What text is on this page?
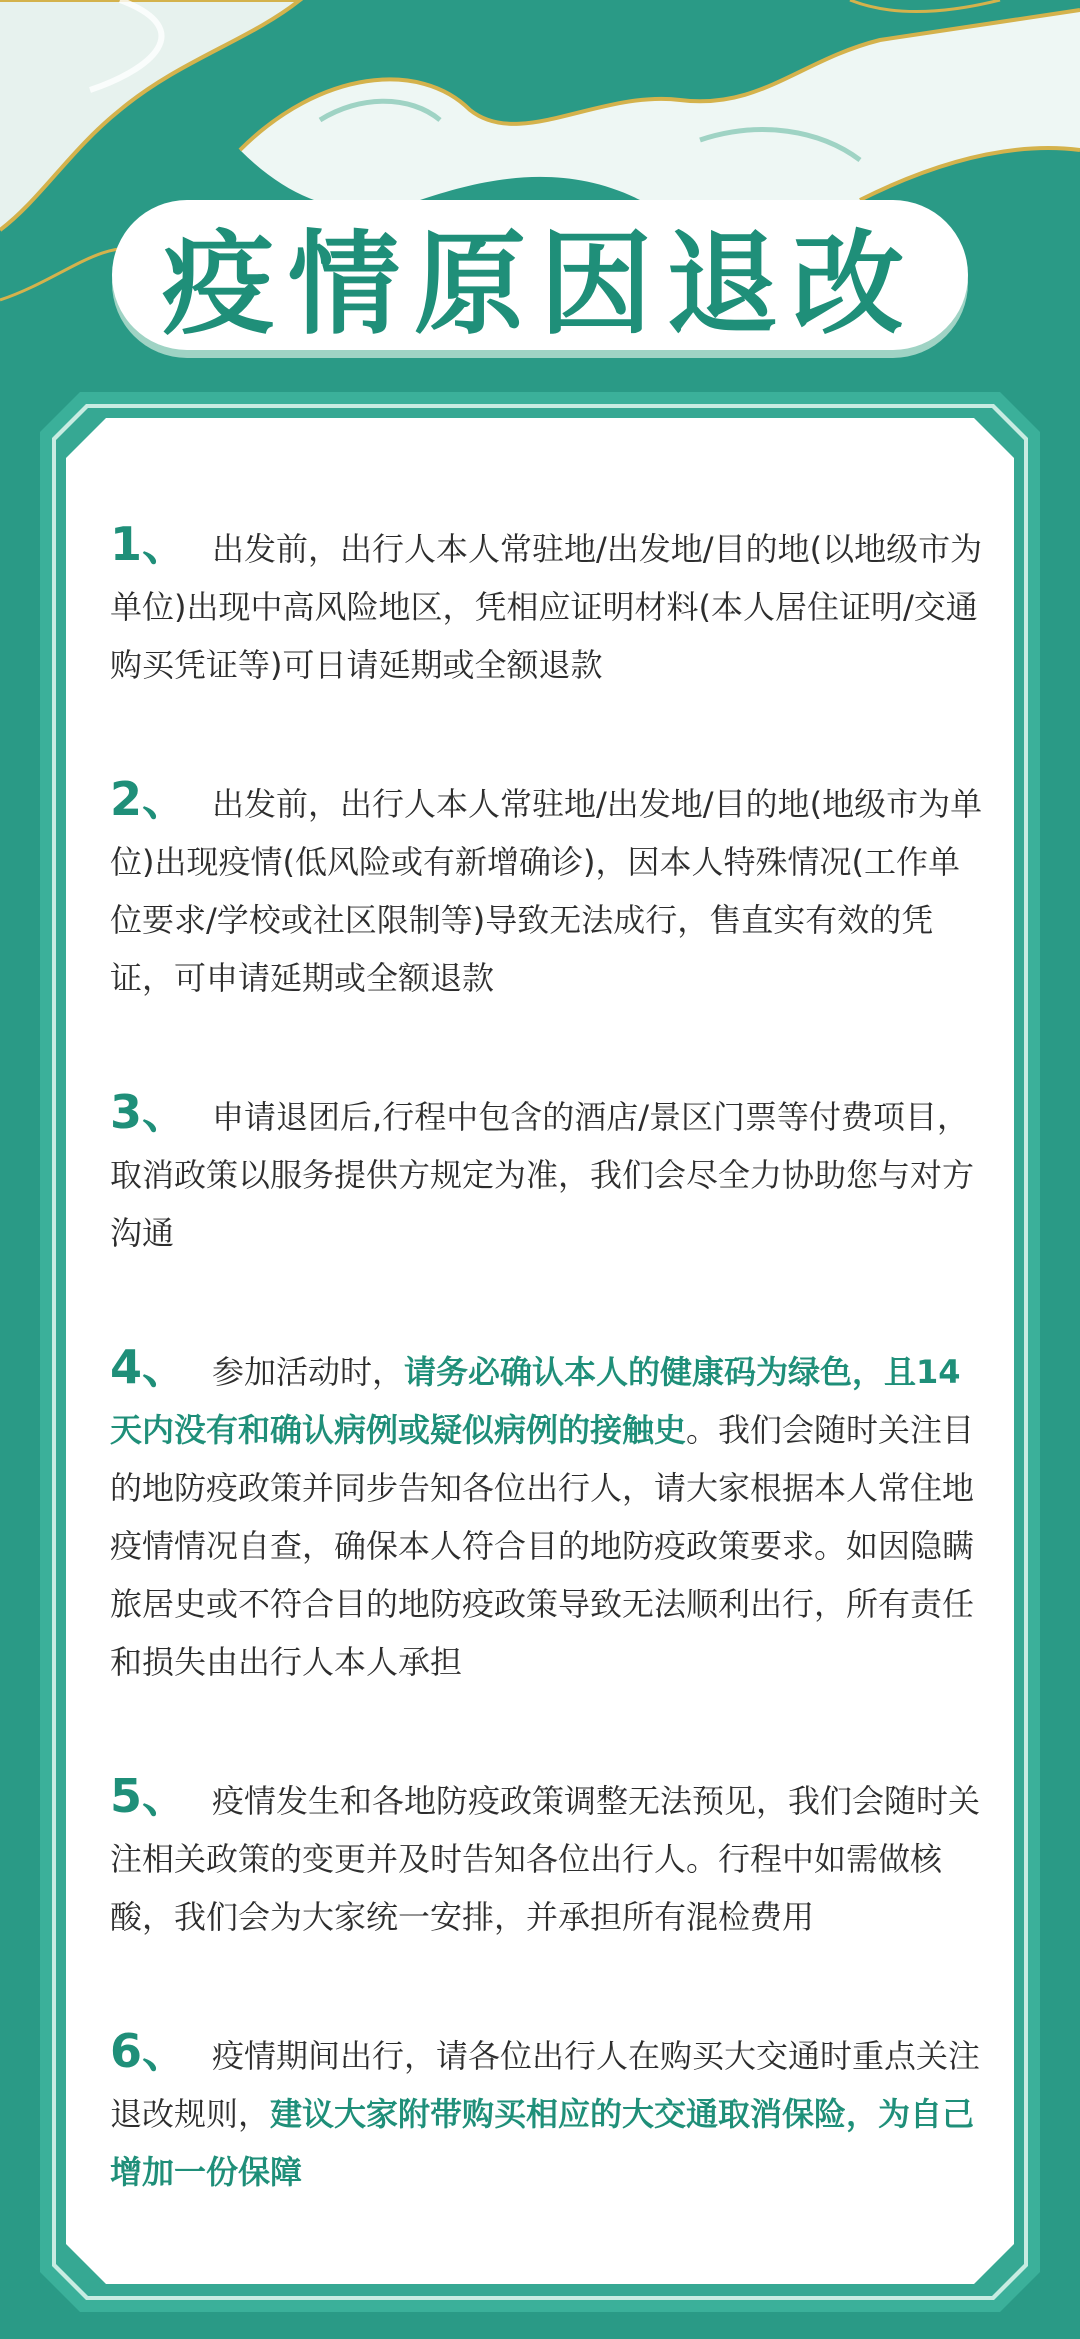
疫情原因退改

1、 出发前，出行人本人常驻地/出发地/目的地(以地级市为单位)出现中高风险地区，凭相应证明材料(本人居住证明/交通购买凭证等)可日请延期或全额退款

2、 出发前，出行人本人常驻地/出发地/目的地(地级市为单位)出现疫情(低风险或有新增确诊)，因本人特殊情况(工作单位要求/学校或社区限制等)导致无法成行，售直实有效的凭证，可申请延期或全额退款

3、 申请退团后,行程中包含的酒店/景区门票等付费项目，取消政策以服务提供方规定为准，我们会尽全力协助您与对方沟通

4、 参加活动时，请务必确认本人的健康码为绿色，且14天内没有和确认病例或疑似病例的接触史。我们会随时关注目的地防疫政策并同步告知各位出行人，请大家根据本人常住地疫情情况自查，确保本人符合目的地防疫政策要求。如因隐瞒旅居史或不符合目的地防疫政策导致无法顺利出行，所有责任和损失由出行人本人承担

5、 疫情发生和各地防疫政策调整无法预见，我们会随时关注相关政策的变更并及时告知各位出行人。行程中如需做核酸，我们会为大家统一安排，并承担所有混检费用

6、 疫情期间出行，请各位出行人在购买大交通时重点关注退改规则，建议大家附带购买相应的大交通取消保险，为自己增加一份保障
